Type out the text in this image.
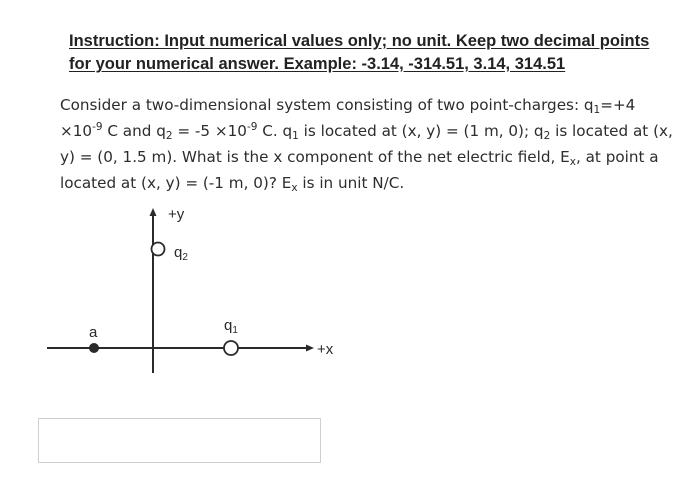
Instruction: Input numerical values only; no unit. Keep two decimal points
for your numerical answer. Example: -3.14, -314.51, 3.14, 314.51
Consider a two-dimensional system consisting of two point-charges: $q_1=+4$
$\times 10^{-9}$ C and $q_2 = -5 \times 10^{-9}$ C. $q_1$ is located at (x, y) = (1 m, 0); $q_2$ is located at (x, y) = (0, 1.5 m). What is the x component of the net electric field, $E_x$, at point a located at (x, y) = (-1 m, 0)? $E_x$ is in unit N/C.
+y
+x
$q_2$
$q_1$
a
